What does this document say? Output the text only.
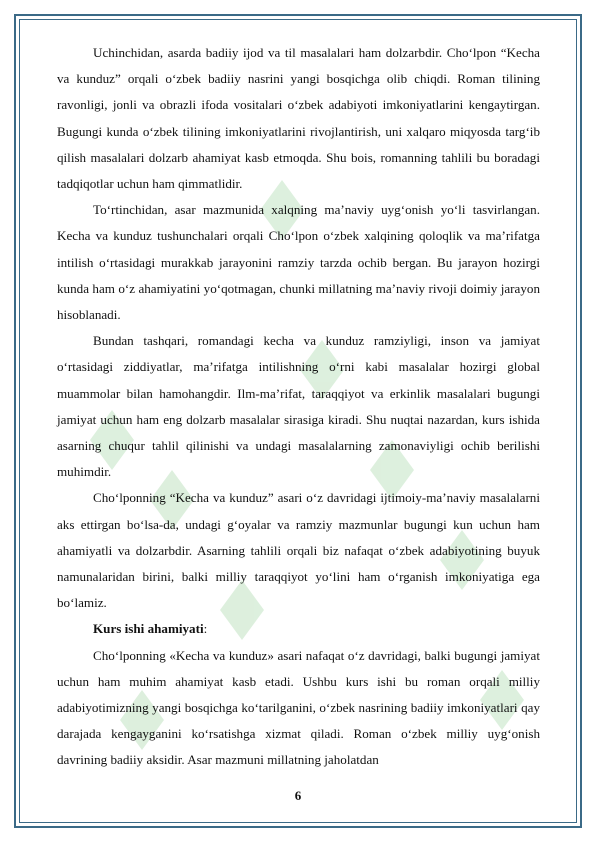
Uchinchidan, asarda badiiy ijod va til masalalari ham dolzarbdir. Cho‘lpon “Kecha va kunduz” orqali o‘zbek badiiy nasrini yangi bosqichga olib chiqdi. Roman tilining ravonligi, jonli va obrazli ifoda vositalari o‘zbek adabiyoti imkoniyatlarini kengaytirgan. Bugungi kunda o‘zbek tilining imkoniyatlarini rivojlantirish, uni xalqaro miqyosda targ‘ib qilish masalalari dolzarb ahamiyat kasb etmoqda. Shu bois, romanning tahlili bu boradagi tadqiqotlar uchun ham qimmatlidir.

To‘rtinchidan, asar mazmunida xalqning ma’naviy uyg‘onish yo‘li tasvirlangan. Kecha va kunduz tushunchalari orqali Cho‘lpon o‘zbek xalqining qoloqlik va ma’rifatga intilish o‘rtasidagi murakkab jarayonini ramziy tarzda ochib bergan. Bu jarayon hozirgi kunda ham o‘z ahamiyatini yo‘qotmagan, chunki millatning ma’naviy rivoji doimiy jarayon hisoblanadi.

Bundan tashqari, romandagi kecha va kunduz ramziyligi, inson va jamiyat o‘rtasidagi ziddiyatlar, ma’rifatga intilishning o‘rni kabi masalalar hozirgi global muammolar bilan hamohangdir. Ilm-ma’rifat, taraqqiyot va erkinlik masalalari bugungi jamiyat uchun ham eng dolzarb masalalar sirasiga kiradi. Shu nuqtai nazardan, kurs ishida asarning chuqur tahlil qilinishi va undagi masalalarning zamonaviyligi ochib berilishi muhimdir.

Cho‘lponning “Kecha va kunduz” asari o‘z davridagi ijtimoiy-ma’naviy masalalarni aks ettirgan bo‘lsa-da, undagi g‘oyalar va ramziy mazmunlar bugungi kun uchun ham ahamiyatli va dolzarbdir. Asarning tahlili orqali biz nafaqat o‘zbek adabiyotining buyuk namunalaridan birini, balki milliy taraqqiyot yo‘lini ham o‘rganish imkoniyatiga ega bo‘lamiz.

Kurs ishi ahamiyati:

Cho‘lponning «Kecha va kunduz» asari nafaqat o‘z davridagi, balki bugungi jamiyat uchun ham muhim ahamiyat kasb etadi. Ushbu kurs ishi bu roman orqali milliy adabiyotimizning yangi bosqichga ko‘tarilganini, o‘zbek nasrining badiiy imkoniyatlari qay darajada kengayganini ko‘rsatishga xizmat qiladi. Roman o‘zbek milliy uyg‘onish davrining badiiy aksidir. Asar mazmuni millatning jaholatdan

6
